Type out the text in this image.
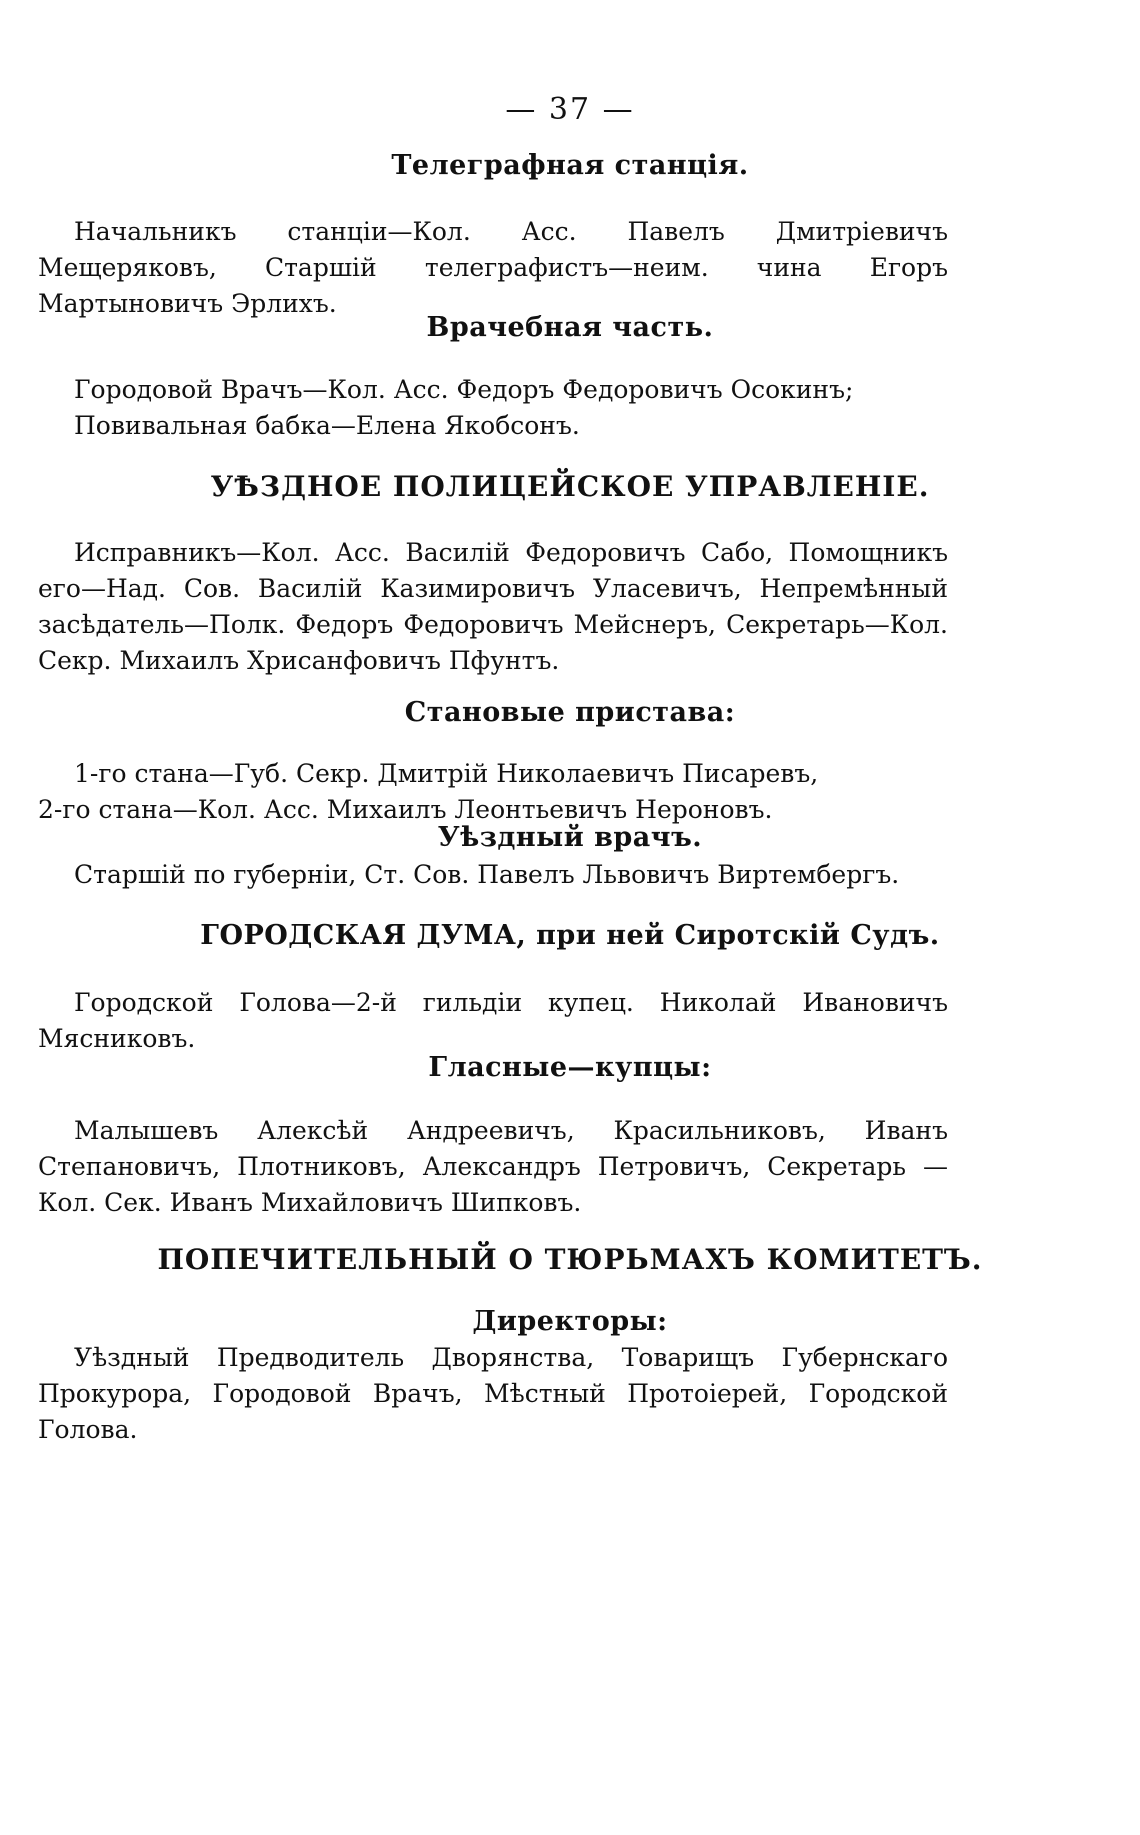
— 37 —
Телеграфная станція.
Начальникъ станціи—Кол. Асс. Павелъ Дмитріевичъ Мещеряковъ, Старшій телеграфистъ—неим. чина Егоръ Мартыновичъ Эрлихъ.
Врачебная часть.
Городовой Врачъ—Кол. Асс. Федоръ Федоровичъ Осокинъ;
Повивальная бабка—Елена Якобсонъ.
УѢЗДНОЕ ПОЛИЦЕЙСКОЕ УПРАВЛЕНІЕ.
Исправникъ—Кол. Асс. Василій Федоровичъ Сабо, Помощникъ его—Над. Сов. Василій Казимировичъ Уласевичъ, Непремѣнный засѣдатель—Полк. Федоръ Федоровичъ Мейснеръ, Секретарь—Кол. Секр. Михаилъ Хрисанфовичъ Пфунтъ.
Становые пристава:
1-го стана—Губ. Секр. Дмитрій Николаевичъ Писаревъ,
2-го стана—Кол. Асс. Михаилъ Леонтьевичъ Нероновъ.
Уѣздный врачъ.
Старшій по губерніи, Ст. Сов. Павелъ Львовичъ Виртембергъ.
ГОРОДСКАЯ ДУМА, при ней Сиротскій Судъ.
Городской Голова—2-й гильдіи купец. Николай Ивановичъ Мясниковъ.
Гласные—купцы:
Малышевъ Алексѣй Андреевичъ, Красильниковъ, Иванъ Степановичъ, Плотниковъ, Александръ Петровичъ, Секретарь —Кол. Сек. Иванъ Михайловичъ Шипковъ.
ПОПЕЧИТЕЛЬНЫЙ О ТЮРЬМАХЪ КОМИТЕТЪ.
Директоры:
Уѣздный Предводитель Дворянства, Товарищъ Губернскаго Прокурора, Городовой Врачъ, Мѣстный Протоіерей, Городской Голова.
